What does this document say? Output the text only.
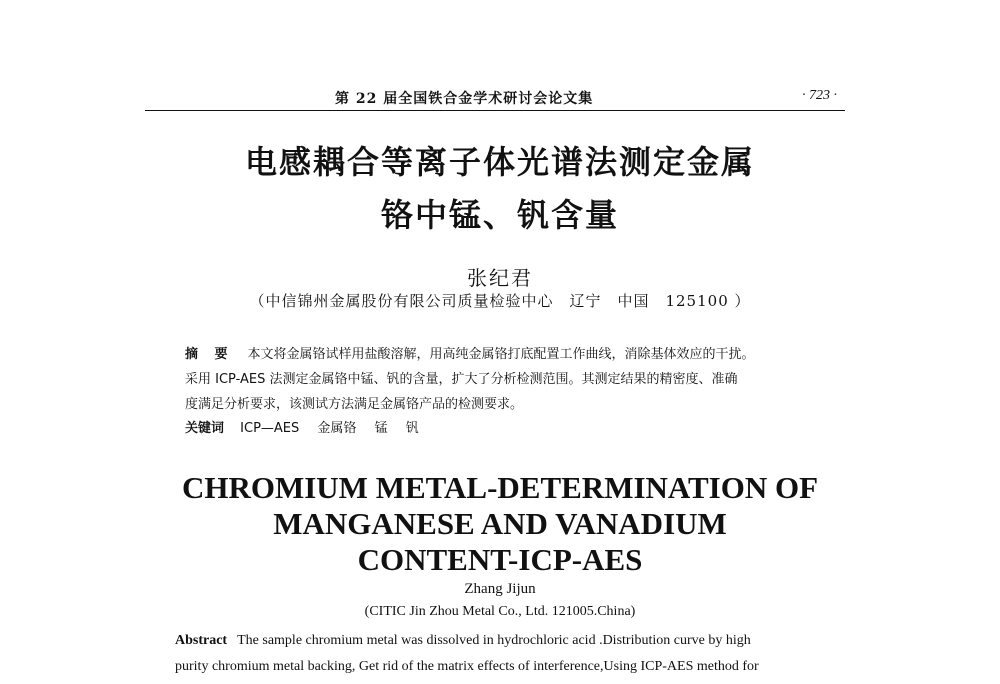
第 22 届全国铁合金学术研讨会论文集	· 723 ·
电感耦合等离子体光谱法测定金属
铬中锰、钒含量
张纪君
（中信锦州金属股份有限公司质量检验中心　辽宁　中国　125100 ）

摘 要 本文将金属铬试样用盐酸溶解，用高纯金属铬打底配置工作曲线，消除基体效应的干扰。

采用 ICP-AES 法测定金属铬中锰、钒的含量，扩大了分析检测范围。其测定结果的精密度、准确

度满足分析要求，该测试方法满足金属铬产品的检测要求。

关键词 ICP—AES 金属铬 锰 钒
CHROMIUM METAL-DETERMINATION OF
MANGANESE AND VANADIUM
CONTENT-ICP-AES
Zhang Jijun
(CITIC Jin Zhou Metal Co., Ltd. 121005.China)

Abstract The sample chromium metal was dissolved in hydrochloric acid .Distribution curve by high

purity chromium metal backing, Get rid of the matrix effects of interference,Using ICP-AES method for
